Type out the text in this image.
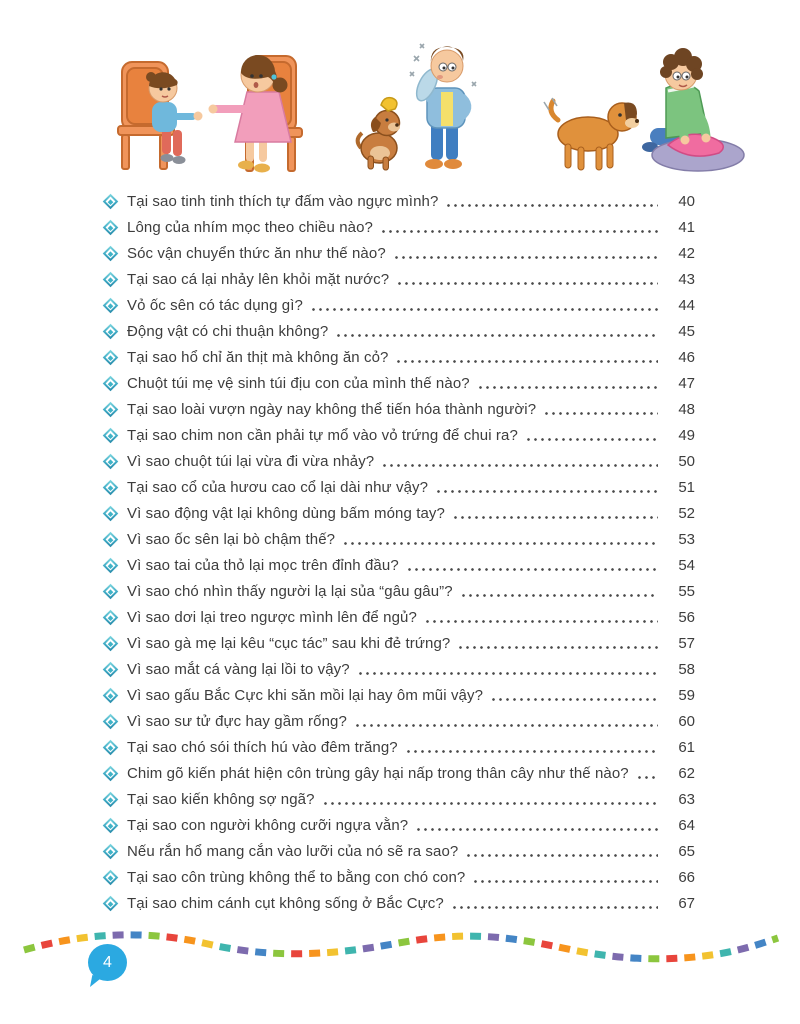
Tại sao tinh tinh thích tự đấm vào ngực mình?	40
Lông của nhím mọc theo chiều nào?	41
Sóc vận chuyển thức ăn như thế nào?	42
Tại sao cá lại nhảy lên khỏi mặt nước?	43
Vỏ ốc sên có tác dụng gì?	44
Động vật có chi thuận không?	45
Tại sao hổ chỉ ăn thịt mà không ăn cỏ?	46
Chuột túi mẹ vệ sinh túi địu con của mình thế nào?	47
Tại sao loài vượn ngày nay không thể tiến hóa thành người?	48
Tại sao chim non cần phải tự mổ vào vỏ trứng để chui ra?	49
Vì sao chuột túi lại vừa đi vừa nhảy?	50
Tại sao cổ của hươu cao cổ lại dài như vậy?	51
Vì sao động vật lại không dùng bấm móng tay?	52
Vì sao ốc sên lại bò chậm thế?	53
Vì sao tai của thỏ lại mọc trên đỉnh đầu?	54
Vì sao chó nhìn thấy người lạ lại sủa “gâu gâu”?	55
Vì sao dơi lại treo ngược mình lên để ngủ?	56
Vì sao gà mẹ lại kêu “cục tác” sau khi đẻ trứng?	57
Vì sao mắt cá vàng lại lồi to vậy?	58
Vì sao gấu Bắc Cực khi săn mồi lại hay ôm mũi vậy?	59
Vì sao sư tử đực hay gầm rống?	60
Tại sao chó sói thích hú vào đêm trăng?	61
Chim gõ kiến phát hiện côn trùng gây hại nấp trong thân cây như thế nào?	62
Tại sao kiến không sợ ngã?	63
Tại sao con người không cưỡi ngựa vằn?	64
Nếu rắn hổ mang cắn vào lưỡi của nó sẽ ra sao?	65
Tại sao côn trùng không thể to bằng con chó con?	66
Tại sao chim cánh cụt không sống ở Bắc Cực?	67
4
